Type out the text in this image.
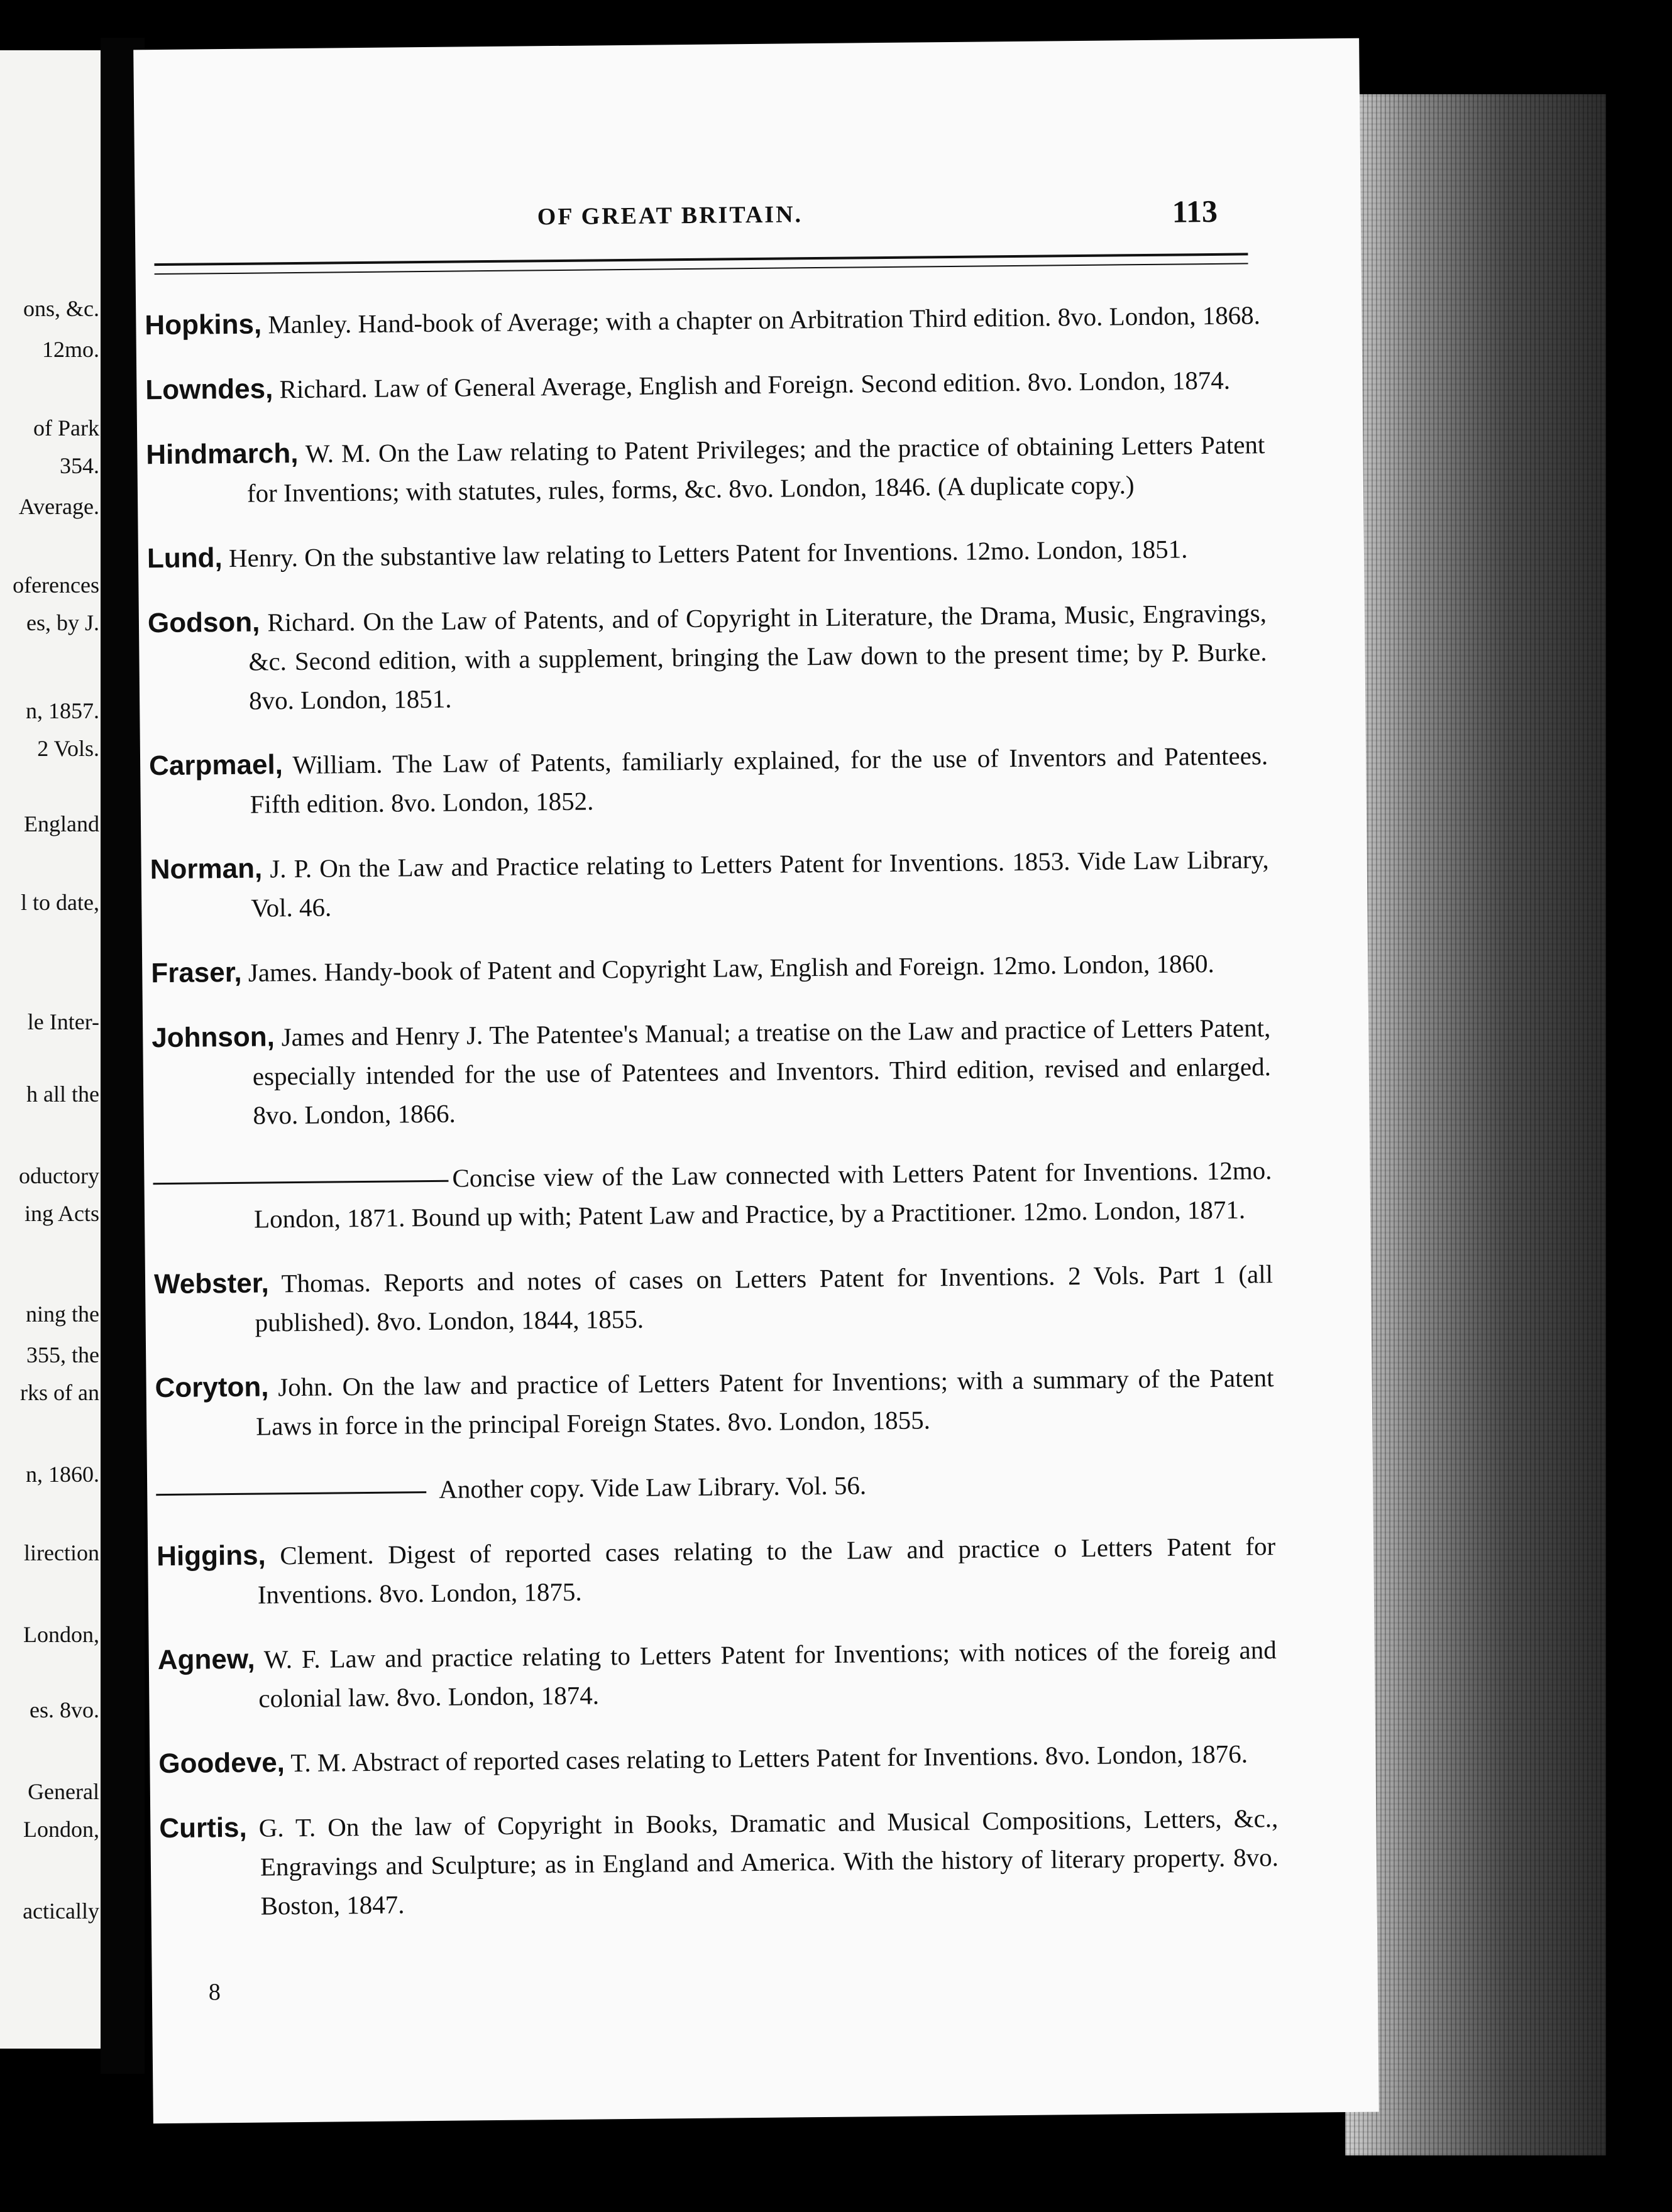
ons, &c.
12mo.
of Park
354.
Average.
oferences
es, by J.
n, 1857.
2 Vols.
England
l to date,
le Inter-
h all the
oductory
ing Acts
ning the
355, the
rks of an
n, 1860.
lirection
London,
es. 8vo.
General
London,
actically
OF GREAT BRITAIN.	113

Hopkins, Manley. Hand-book of Average; with a chapter on Arbitration Third edition. 8vo. London, 1868.

Lowndes, Richard. Law of General Average, English and Foreign. Second edition. 8vo. London, 1874.

Hindmarch, W. M. On the Law relating to Patent Privileges; and the practice of obtaining Letters Patent for Inventions; with statutes, rules, forms, &c. 8vo. London, 1846. (A duplicate copy.)

Lund, Henry. On the substantive law relating to Letters Patent for Inventions. 12mo. London, 1851.

Godson, Richard. On the Law of Patents, and of Copyright in Literature, the Drama, Music, Engravings, &c. Second edition, with a supplement, bringing the Law down to the present time; by P. Burke. 8vo. London, 1851.

Carpmael, William. The Law of Patents, familiarly explained, for the use of Inventors and Patentees. Fifth edition. 8vo. London, 1852.

Norman, J. P. On the Law and Practice relating to Letters Patent for Inventions. 1853. Vide Law Library, Vol. 46.

Fraser, James. Handy-book of Patent and Copyright Law, English and Foreign. 12mo. London, 1860.

Johnson, James and Henry J. The Patentee's Manual; a treatise on the Law and practice of Letters Patent, especially intended for the use of Patentees and Inventors. Third edition, revised and enlarged. 8vo. London, 1866.

Concise view of the Law connected with Letters Patent for Inventions. 12mo. London, 1871. Bound up with; Patent Law and Practice, by a Practitioner. 12mo. London, 1871.

Webster, Thomas. Reports and notes of cases on Letters Patent for Inventions. 2 Vols. Part 1 (all published). 8vo. London, 1844, 1855.

Coryton, John. On the law and practice of Letters Patent for Inventions; with a summary of the Patent Laws in force in the principal Foreign States. 8vo. London, 1855.

Another copy. Vide Law Library. Vol. 56.

Higgins, Clement. Digest of reported cases relating to the Law and practice o Letters Patent for Inventions. 8vo. London, 1875.

Agnew, W. F. Law and practice relating to Letters Patent for Inventions; with notices of the foreig and colonial law. 8vo. London, 1874.

Goodeve, T. M. Abstract of reported cases relating to Letters Patent for Inventions. 8vo. London, 1876.

Curtis, G. T. On the law of Copyright in Books, Dramatic and Musical Compositions, Letters, &c., Engravings and Sculpture; as in England and America. With the history of literary property. 8vo. Boston, 1847.

8
